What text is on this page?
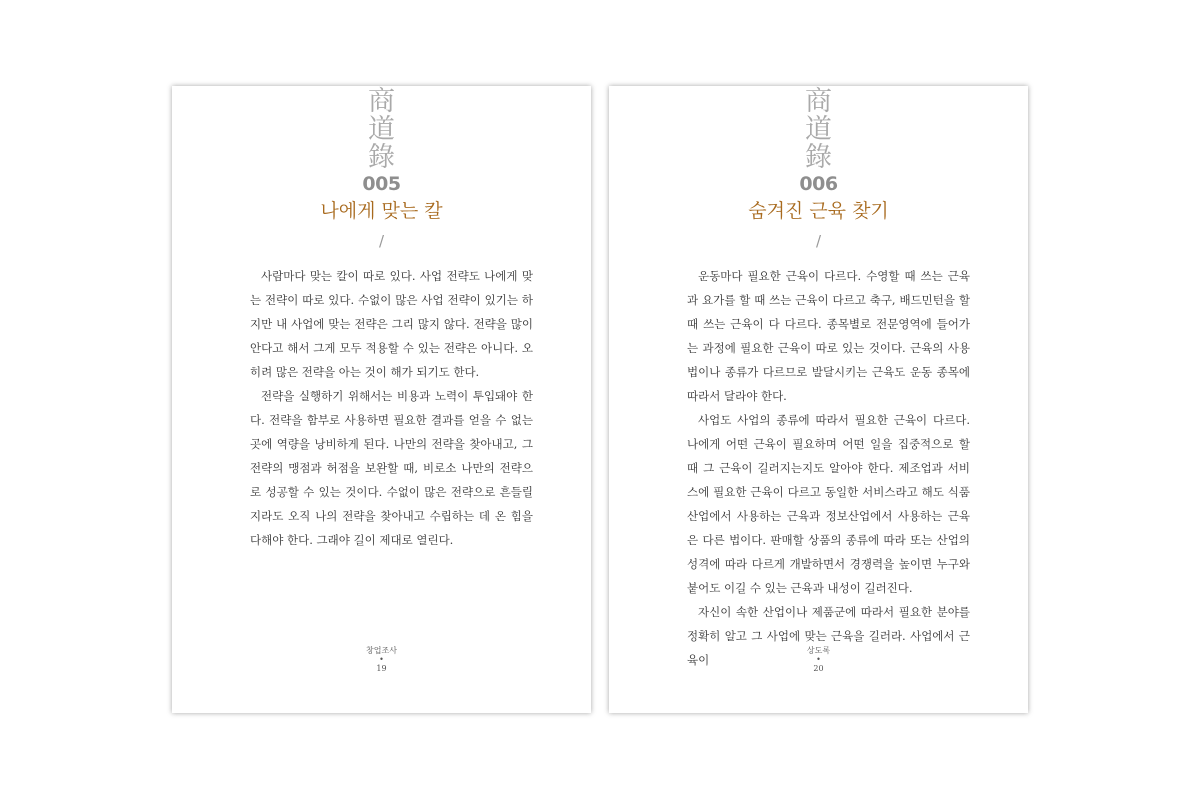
商
道
錄
005
나에게 맞는 칼
/

사람마다 맞는 칼이 따로 있다. 사업 전략도 나에게 맞는 전략이 따로 있다. 수없이 많은 사업 전략이 있기는 하지만 내 사업에 맞는 전략은 그리 많지 않다. 전략을 많이 안다고 해서 그게 모두 적용할 수 있는 전략은 아니다. 오히려 많은 전략을 아는 것이 해가 되기도 한다.

전략을 실행하기 위해서는 비용과 노력이 투입돼야 한다. 전략을 함부로 사용하면 필요한 결과를 얻을 수 없는 곳에 역량을 낭비하게 된다. 나만의 전략을 찾아내고, 그 전략의 맹점과 허점을 보완할 때, 비로소 나만의 전략으로 성공할 수 있는 것이다. 수없이 많은 전략으로 흔들릴 지라도 오직 나의 전략을 찾아내고 수립하는 데 온 힘을 다해야 한다. 그래야 길이 제대로 열린다.

창업조사
•
19
商
道
錄
006
숨겨진 근육 찾기
/

운동마다 필요한 근육이 다르다. 수영할 때 쓰는 근육과 요가를 할 때 쓰는 근육이 다르고 축구, 배드민턴을 할 때 쓰는 근육이 다 다르다. 종목별로 전문영역에 들어가는 과정에 필요한 근육이 따로 있는 것이다. 근육의 사용법이나 종류가 다르므로 발달시키는 근육도 운동 종목에 따라서 달라야 한다.

사업도 사업의 종류에 따라서 필요한 근육이 다르다. 나에게 어떤 근육이 필요하며 어떤 일을 집중적으로 할 때 그 근육이 길러지는지도 알아야 한다. 제조업과 서비스에 필요한 근육이 다르고 동일한 서비스라고 해도 식품 산업에서 사용하는 근육과 정보산업에서 사용하는 근육은 다른 법이다. 판매할 상품의 종류에 따라 또는 산업의 성격에 따라 다르게 개발하면서 경쟁력을 높이면 누구와 붙어도 이길 수 있는 근육과 내성이 길러진다.

자신이 속한 산업이나 제품군에 따라서 필요한 분야를 정확히 알고 그 사업에 맞는 근육을 길러라. 사업에서 근육이

상도록
•
20
